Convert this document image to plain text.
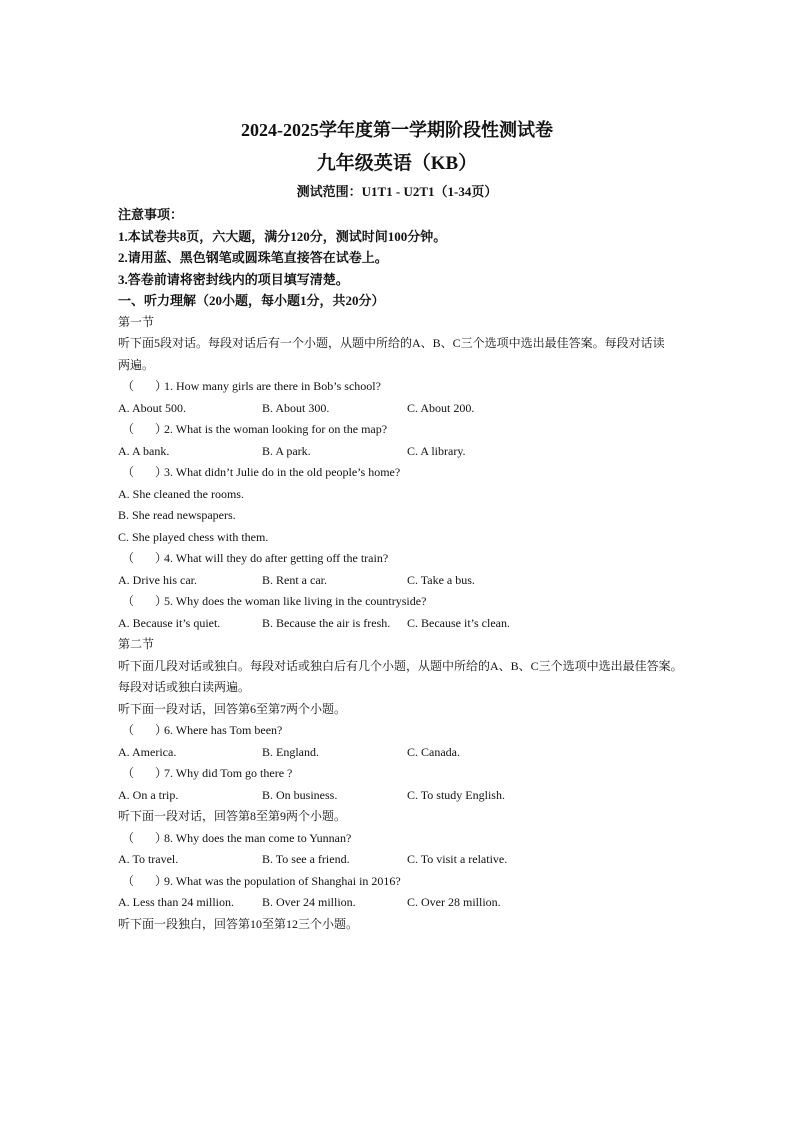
2024-2025学年度第一学期阶段性测试卷
九年级英语（KB）
测试范围：U1T1 - U2T1（1-34页）
注意事项：
1.本试卷共8页，六大题，满分120分，测试时间100分钟。
2.请用蓝、黑色钢笔或圆珠笔直接答在试卷上。
3.答卷前请将密封线内的项目填写清楚。
一、听力理解（20小题，每小题1分，共20分）
第一节
听下面5段对话。每段对话后有一个小题，从题中所给的A、B、C三个选项中选出最佳答案。每段对话读
两遍。
（ ）1. How many girls are there in Bob’s school?
A. About 500.	B. About 300.	C. About 200.
（ ）2. What is the woman looking for on the map?
A. A bank.	B. A park.	C. A library.
（ ）3. What didn’t Julie do in the old people’s home?
A. She cleaned the rooms.
B. She read newspapers.
C. She played chess with them.
（ ）4. What will they do after getting off the train?
A. Drive his car.	B. Rent a car.	C. Take a bus.
（ ）5. Why does the woman like living in the countryside?
A. Because it’s quiet.	B. Because the air is fresh.	C. Because it’s clean.
第二节
听下面几段对话或独白。每段对话或独白后有几个小题，从题中所给的A、B、C三个选项中选出最佳答案。
每段对话或独白读两遍。
听下面一段对话，回答第6至第7两个小题。
（ ）6. Where has Tom been?
A. America.	B. England.	C. Canada.
（ ）7. Why did Tom go there ?
A. On a trip.	B. On business.	C. To study English.
听下面一段对话，回答第8至第9两个小题。
（ ）8. Why does the man come to Yunnan?
A. To travel.	B. To see a friend.	C. To visit a relative.
（ ）9. What was the population of Shanghai in 2016?
A. Less than 24 million.	B. Over 24 million.	C. Over 28 million.
听下面一段独白，回答第10至第12三个小题。
